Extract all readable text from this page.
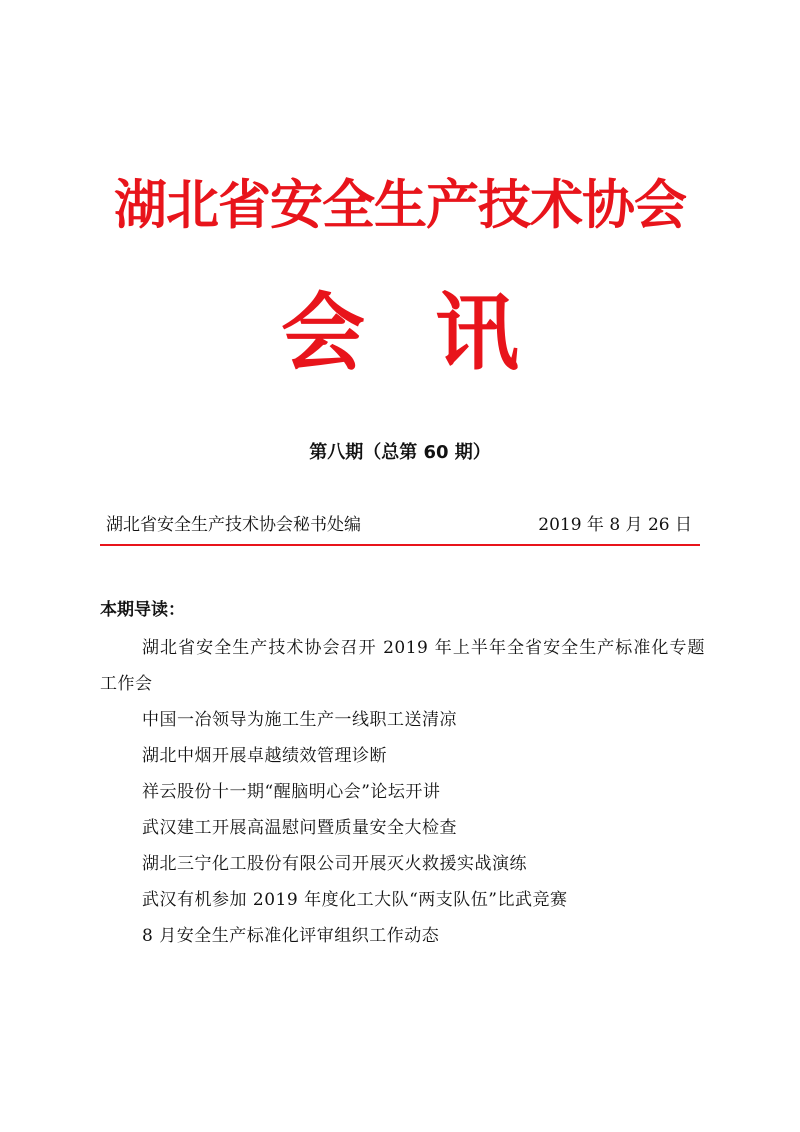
湖北省安全生产技术协会
会 讯
第八期（总第 60 期）
湖北省安全生产技术协会秘书处编	2019 年 8 月 26 日
本期导读：
湖北省安全生产技术协会召开 2019 年上半年全省安全生产标准化专题工作会
中国一冶领导为施工生产一线职工送清凉
湖北中烟开展卓越绩效管理诊断
祥云股份十一期“醒脑明心会”论坛开讲
武汉建工开展高温慰问暨质量安全大检查
湖北三宁化工股份有限公司开展灭火救援实战演练
武汉有机参加 2019 年度化工大队“两支队伍”比武竞赛
8 月安全生产标准化评审组织工作动态
